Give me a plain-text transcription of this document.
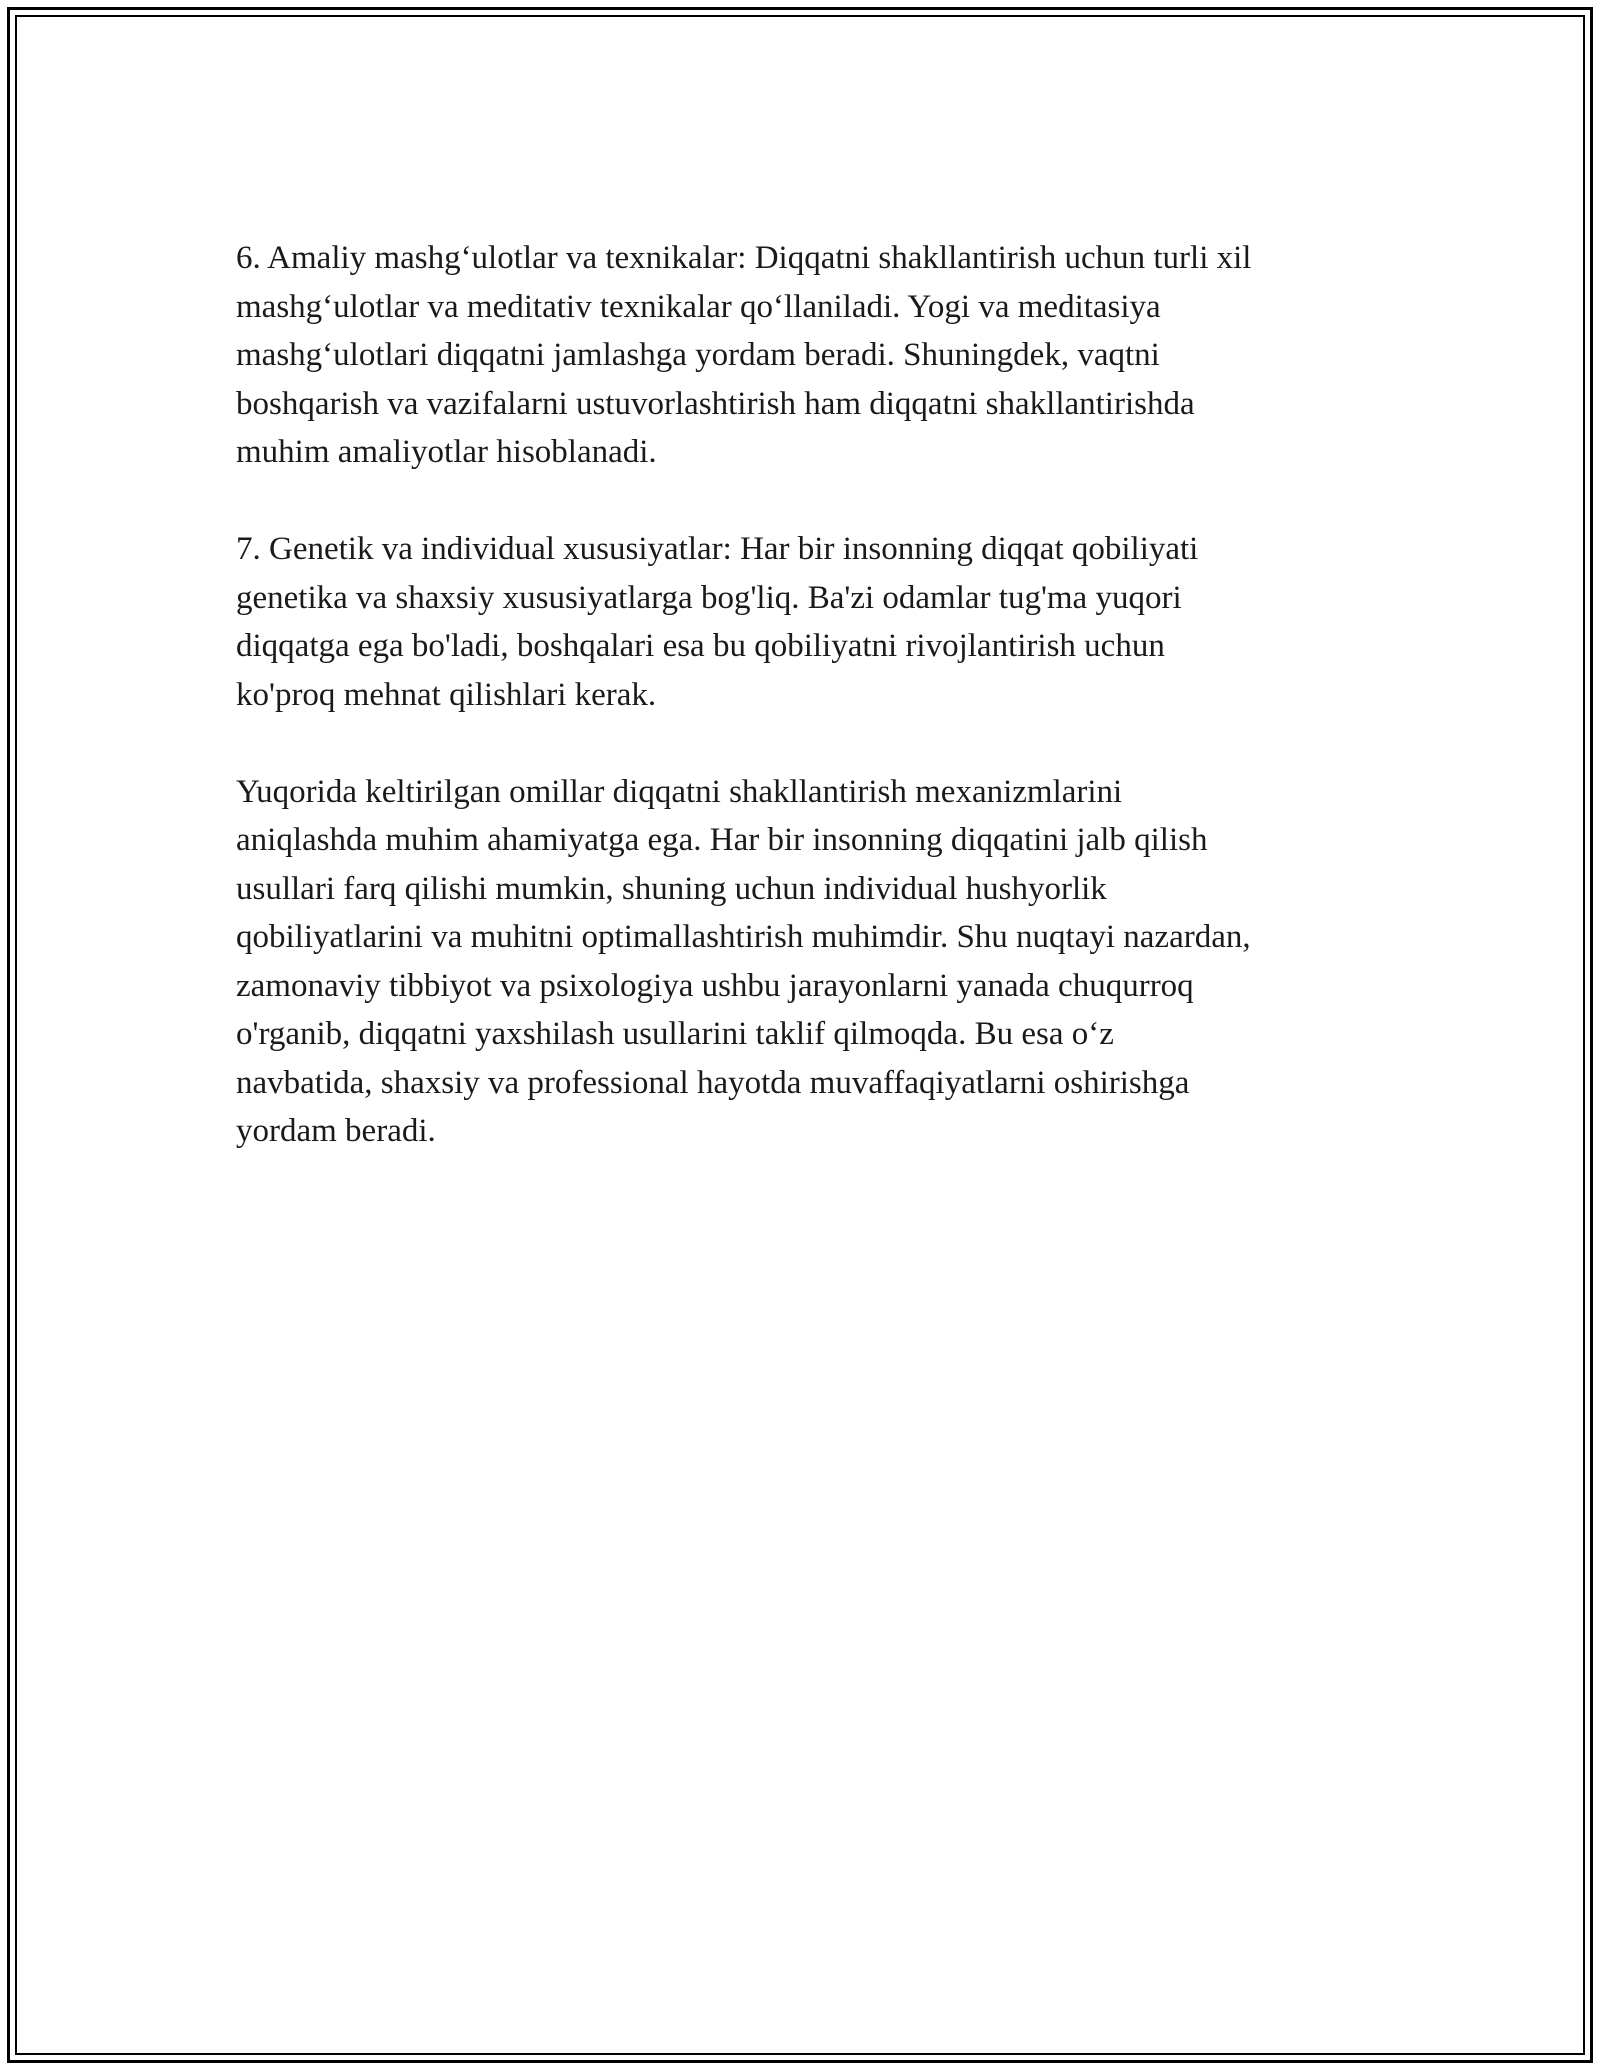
6. Amaliy mashg‘ulotlar va texnikalar: Diqqatni shakllantirish uchun turli xil
mashg‘ulotlar va meditativ texnikalar qo‘llaniladi. Yogi va meditasiya
mashg‘ulotlari diqqatni jamlashga yordam beradi. Shuningdek, vaqtni
boshqarish va vazifalarni ustuvorlashtirish ham diqqatni shakllantirishda
muhim amaliyotlar hisoblanadi.

7. Genetik va individual xususiyatlar: Har bir insonning diqqat qobiliyati
genetika va shaxsiy xususiyatlarga bog'liq. Ba'zi odamlar tug'ma yuqori
diqqatga ega bo'ladi, boshqalari esa bu qobiliyatni rivojlantirish uchun
ko'proq mehnat qilishlari kerak.

Yuqorida keltirilgan omillar diqqatni shakllantirish mexanizmlarini
aniqlashda muhim ahamiyatga ega. Har bir insonning diqqatini jalb qilish
usullari farq qilishi mumkin, shuning uchun individual hushyorlik
qobiliyatlarini va muhitni optimallashtirish muhimdir. Shu nuqtayi nazardan,
zamonaviy tibbiyot va psixologiya ushbu jarayonlarni yanada chuqurroq
o'rganib, diqqatni yaxshilash usullarini taklif qilmoqda. Bu esa o‘z
navbatida, shaxsiy va professional hayotda muvaffaqiyatlarni oshirishga
yordam beradi.
